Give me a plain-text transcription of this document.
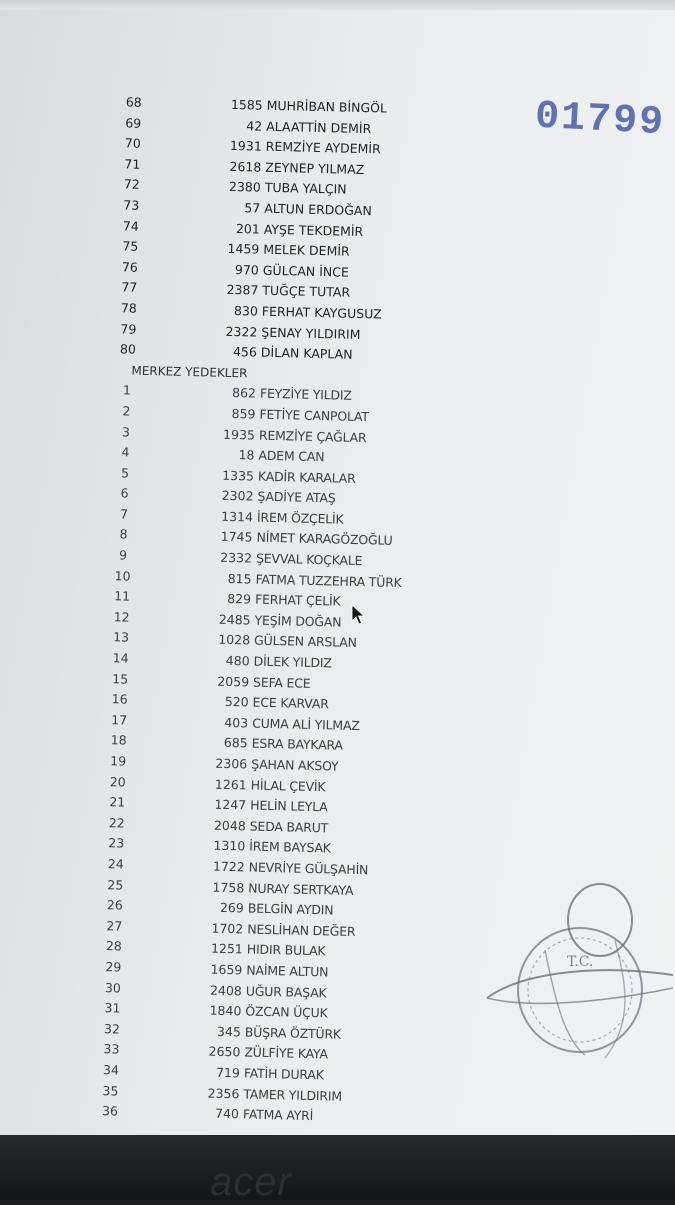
68	1585 MUHRİBAN BİNGÖL
69	42 ALAATTİN DEMİR
70	1931 REMZİYE AYDEMİR
71	2618 ZEYNEP YILMAZ
72	2380 TUBA YALÇIN
73	57 ALTUN ERDOĞAN
74	201 AYŞE TEKDEMİR
75	1459 MELEK DEMİR
76	970 GÜLCAN İNCE
77	2387 TUĞÇE TUTAR
78	830 FERHAT KAYGUSUZ
79	2322 ŞENAY YILDIRIM
80	456 DİLAN KAPLAN
MERKEZ YEDEKLER
1	862 FEYZİYE YILDIZ
2	859 FETİYE CANPOLAT
3	1935 REMZİYE ÇAĞLAR
4	18 ADEM CAN
5	1335 KADİR KARALAR
6	2302 ŞADİYE ATAŞ
7	1314 İREM ÖZÇELİK
8	1745 NİMET KARAGÖZOĞLU
9	2332 ŞEVVAL KOÇKALE
10	815 FATMA TUZZEHRA TÜRK
11	829 FERHAT ÇELİK
12	2485 YEŞİM DOĞAN
13	1028 GÜLSEN ARSLAN
14	480 DİLEK YILDIZ
15	2059 SEFA ECE
16	520 ECE KARVAR
17	403 CUMA ALİ YILMAZ
18	685 ESRA BAYKARA
19	2306 ŞAHAN AKSOY
20	1261 HİLAL ÇEVİK
21	1247 HELİN LEYLA
22	2048 SEDA BARUT
23	1310 İREM BAYSAK
24	1722 NEVRİYE GÜLŞAHİN
25	1758 NURAY SERTKAYA
26	269 BELGİN AYDIN
27	1702 NESLİHAN DEĞER
28	1251 HIDIR BULAK
29	1659 NAİME ALTUN
30	2408 UĞUR BAŞAK
31	1840 ÖZCAN ÜÇUK
32	345 BÜŞRA ÖZTÜRK
33	2650 ZÜLFİYE KAYA
34	719 FATİH DURAK
35	2356 TAMER YILDIRIM
36	740 FATMA AYRİ
01799
T.C.
acer
